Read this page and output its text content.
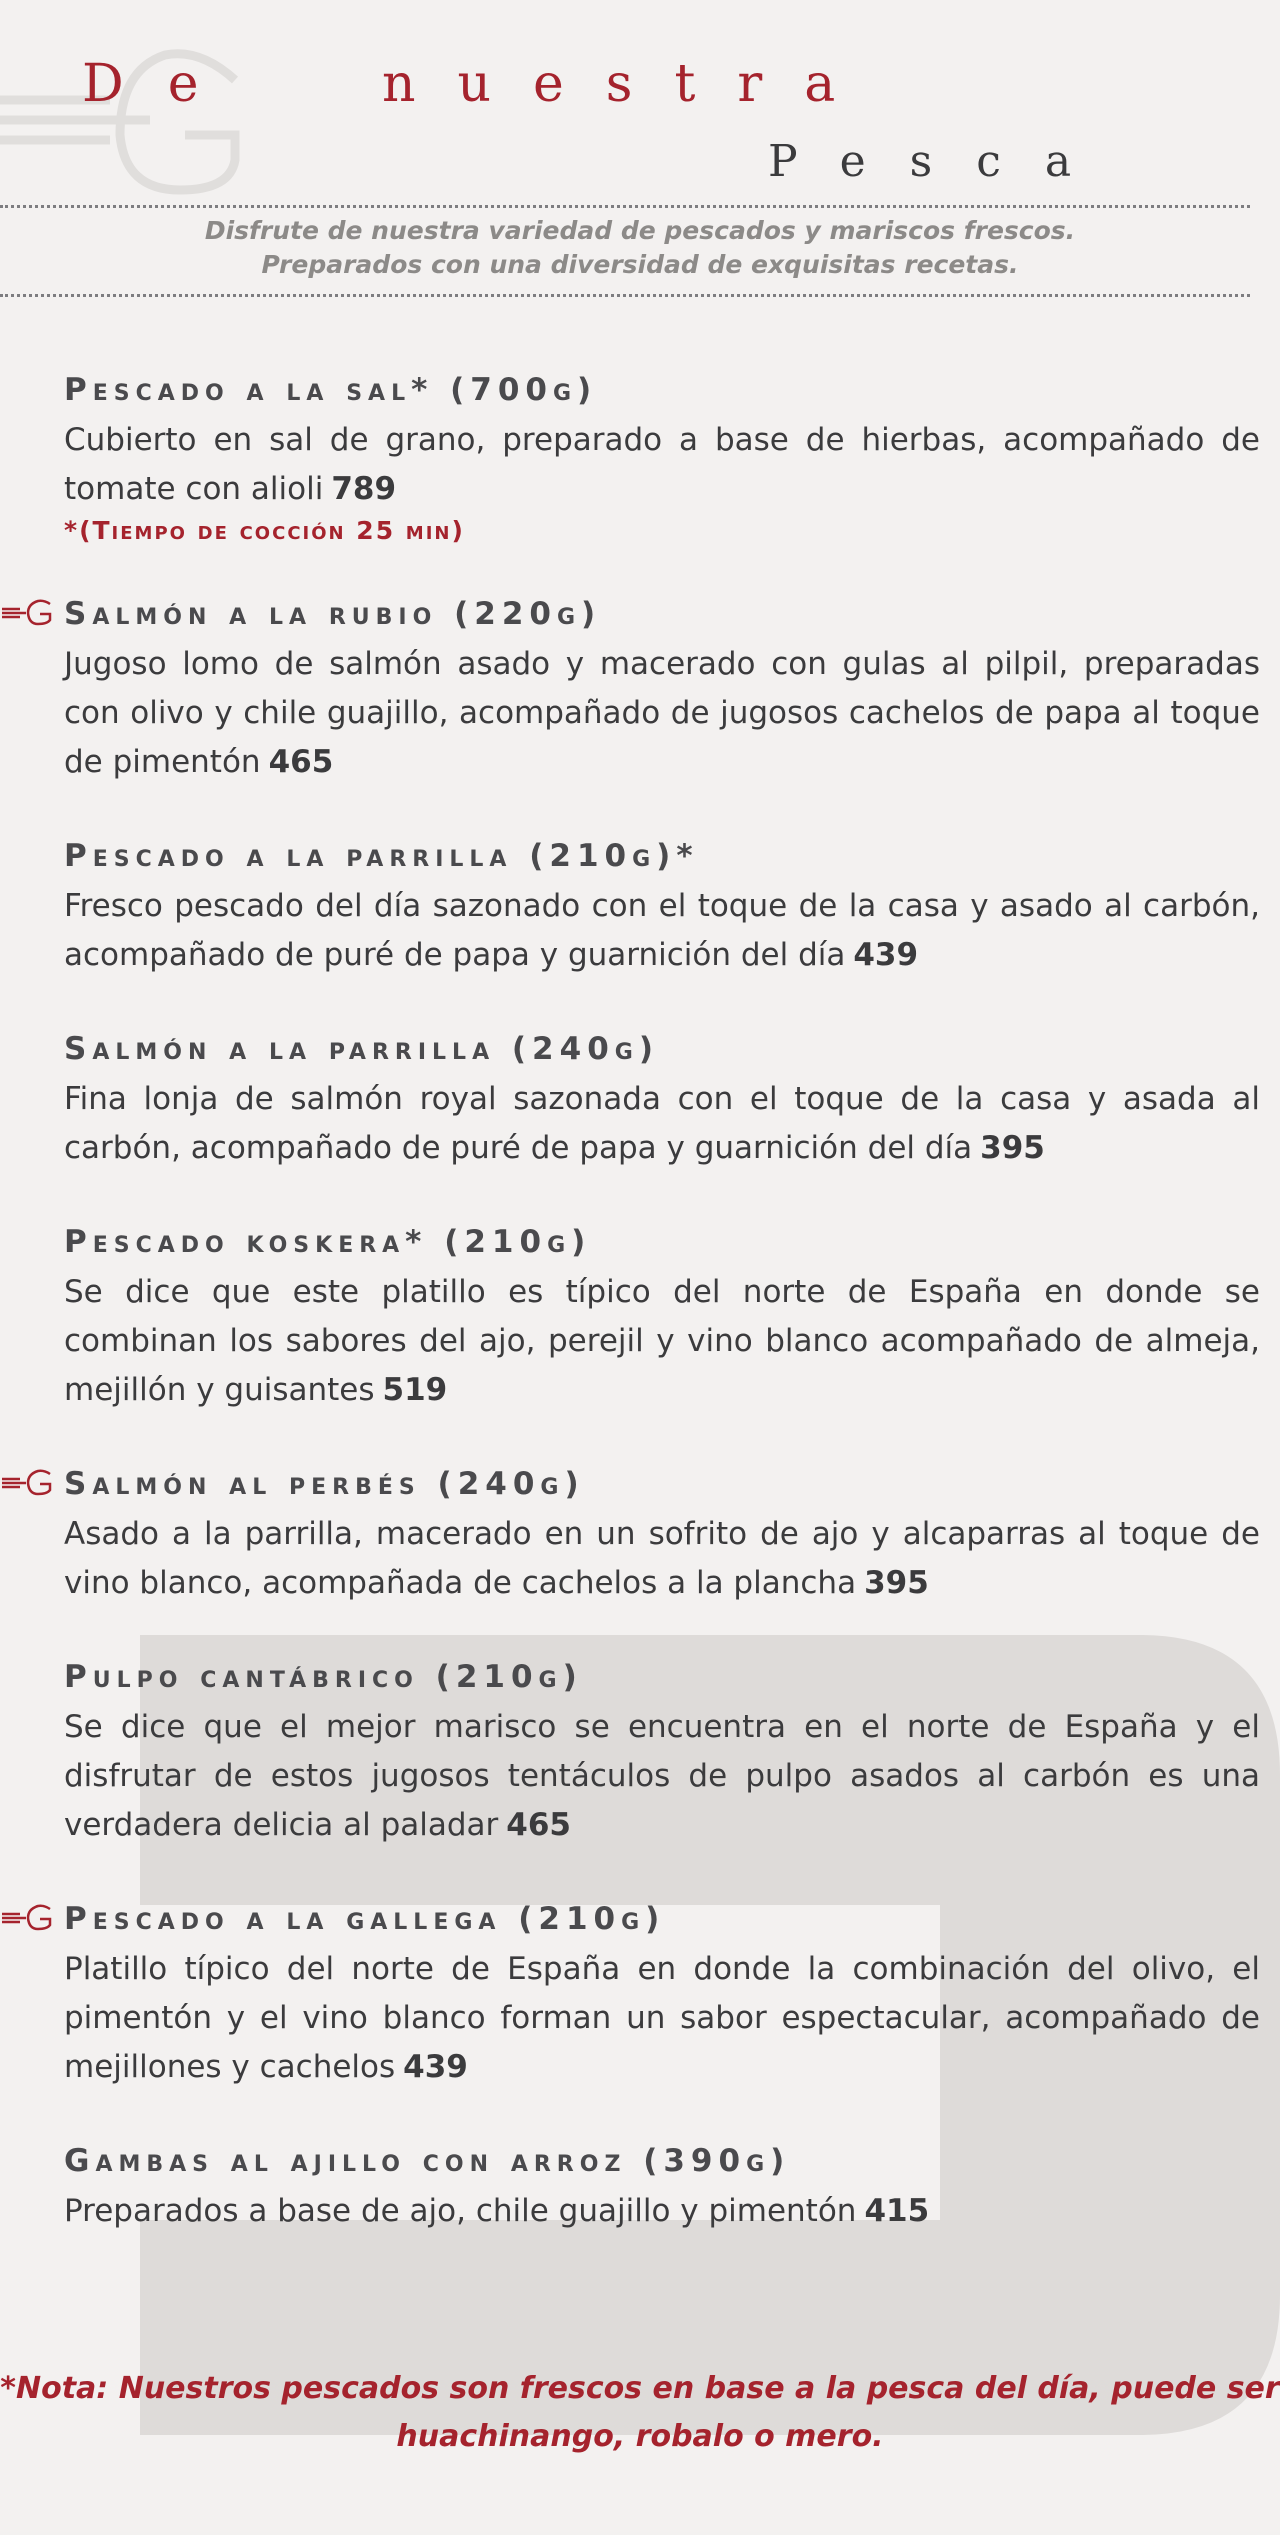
De	nuestra
Pesca
Disfrute de nuestra variedad de pescados y mariscos frescos.
Preparados con una diversidad de exquisitas recetas.
Pescado a la sal* (700g)

Cubierto en sal de grano, preparado a base de hierbas, acompañado de tomate con alioli 789

*(Tiempo de cocción 25 min)

Salmón a la rubio (220g)

Jugoso lomo de salmón asado y macerado con gulas al pilpil, preparadas con olivo y chile guajillo, acompañado de jugosos cachelos de papa al toque de pimentón 465

Pescado a la parrilla (210g)*

Fresco pescado del día sazonado con el toque de la casa y asado al carbón, acompañado de puré de papa y guarnición del día 439

Salmón a la parrilla (240g)

Fina lonja de salmón royal sazonada con el toque de la casa y asada al carbón, acompañado de puré de papa y guarnición del día 395

Pescado koskera* (210g)

Se dice que este platillo es típico del norte de España en donde se combinan los sabores del ajo, perejil y vino blanco acompañado de almeja, mejillón y guisantes 519

Salmón al perbés (240g)

Asado a la parrilla, macerado en un sofrito de ajo y alcaparras al toque de vino blanco, acompañada de cachelos a la plancha 395

Pulpo cantábrico (210g)

Se dice que el mejor marisco se encuentra en el norte de España y el disfrutar de estos jugosos tentáculos de pulpo asados al carbón es una verdadera delicia al paladar 465

Pescado a la gallega (210g)

Platillo típico del norte de España en donde la combinación del olivo, el pimentón y el vino blanco forman un sabor espectacular, acompañado de mejillones y cachelos 439

Gambas al ajillo con arroz (390g)

Preparados a base de ajo, chile guajillo y pimentón 415

*Nota: Nuestros pescados son frescos en base a la pesca del día, puede ser
huachinango, robalo o mero.
